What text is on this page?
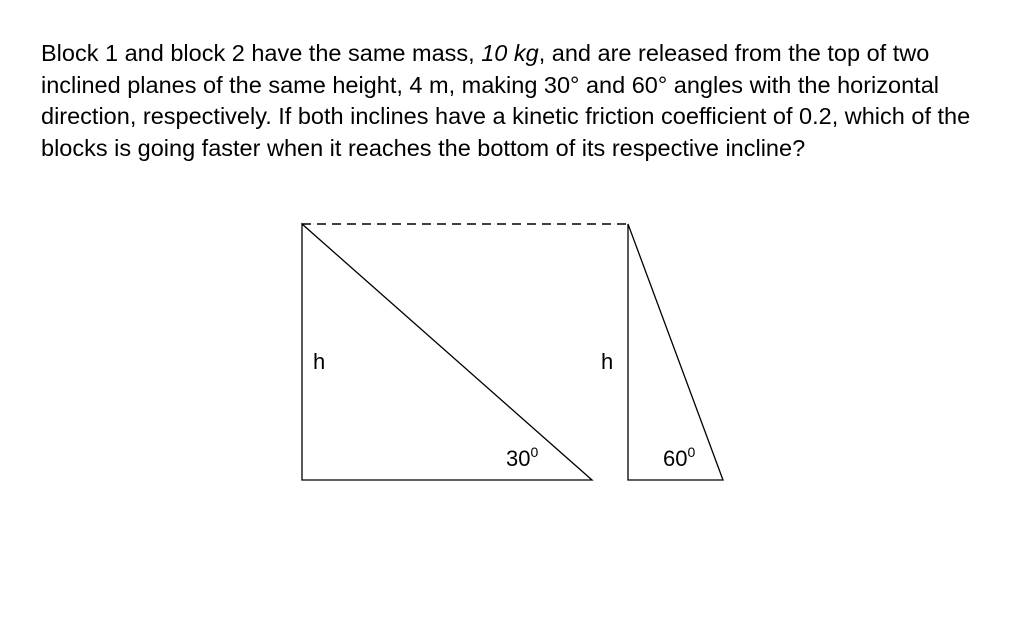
Block 1 and block 2 have the same mass, 10 kg, and are released from the top of two inclined planes of the same height, 4 m, making 30° and 60° angles with the horizontal direction, respectively. If both inclines have a kinetic friction coefficient of 0.2, which of the blocks is going faster when it reaches the bottom of its respective incline?

h
$30^0$
h
$60^0$
